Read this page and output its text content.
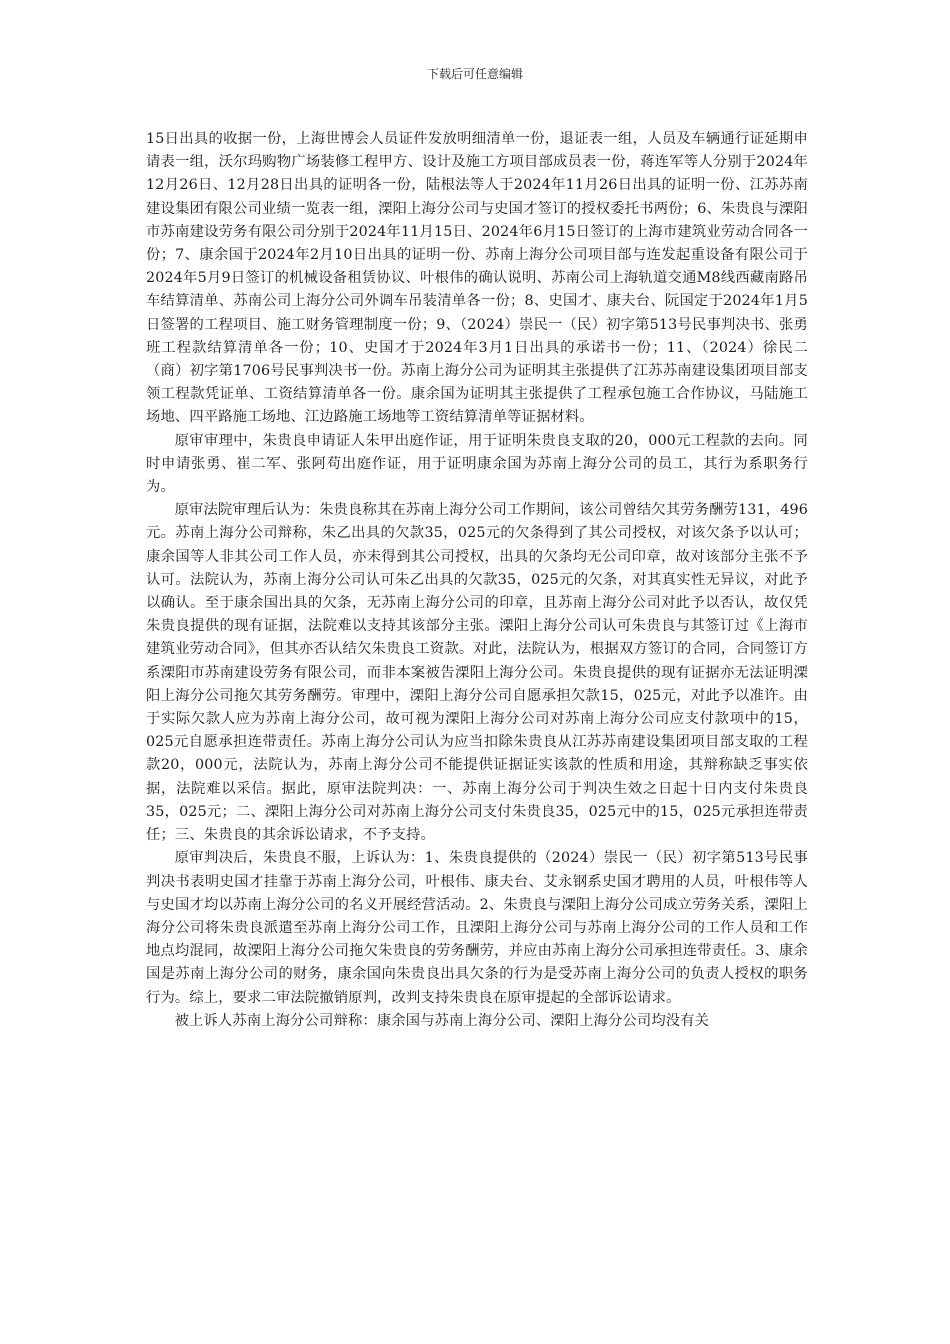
下载后可任意编辑

15日出具的收据一份，上海世博会人员证件发放明细清单一份，退证表一组，人员及车辆通行证延期申请表一组，沃尔玛购物广场装修工程甲方、设计及施工方项目部成员表一份，蒋连军等人分别于2024年12月26日、12月28日出具的证明各一份，陆根法等人于2024年11月26日出具的证明一份、江苏苏南建设集团有限公司业绩一览表一组，溧阳上海分公司与史国才签订的授权委托书两份；6、朱贵良与溧阳市苏南建设劳务有限公司分别于2024年11月15日、2024年6月15日签订的上海市建筑业劳动合同各一份；7、康余国于2024年2月10日出具的证明一份、苏南上海分公司项目部与连发起重设备有限公司于2024年5月9日签订的机械设备租赁协议、叶根伟的确认说明、苏南公司上海轨道交通M8线西藏南路吊车结算清单、苏南公司上海分公司外调车吊装清单各一份；8、史国才、康夫台、阮国定于2024年1月5日签署的工程项目、施工财务管理制度一份；9、（2024）崇民一（民）初字第513号民事判决书、张勇班工程款结算清单各一份；10、史国才于2024年3月1日出具的承诺书一份；11、（2024）徐民二（商）初字第1706号民事判决书一份。苏南上海分公司为证明其主张提供了江苏苏南建设集团项目部支领工程款凭证单、工资结算清单各一份。康余国为证明其主张提供了工程承包施工合作协议，马陆施工场地、四平路施工场地、江边路施工场地等工资结算清单等证据材料。

原审审理中，朱贵良申请证人朱甲出庭作证，用于证明朱贵良支取的20，000元工程款的去向。同时申请张勇、崔二军、张阿苟出庭作证，用于证明康余国为苏南上海分公司的员工，其行为系职务行为。

原审法院审理后认为：朱贵良称其在苏南上海分公司工作期间，该公司曾结欠其劳务酬劳131，496元。苏南上海分公司辩称，朱乙出具的欠款35，025元的欠条得到了其公司授权，对该欠条予以认可；康余国等人非其公司工作人员，亦未得到其公司授权，出具的欠条均无公司印章，故对该部分主张不予认可。法院认为，苏南上海分公司认可朱乙出具的欠款35，025元的欠条，对其真实性无异议，对此予以确认。至于康余国出具的欠条，无苏南上海分公司的印章，且苏南上海分公司对此予以否认，故仅凭朱贵良提供的现有证据，法院难以支持其该部分主张。溧阳上海分公司认可朱贵良与其签订过《上海市建筑业劳动合同》，但其亦否认结欠朱贵良工资款。对此，法院认为，根据双方签订的合同，合同签订方系溧阳市苏南建设劳务有限公司，而非本案被告溧阳上海分公司。朱贵良提供的现有证据亦无法证明溧阳上海分公司拖欠其劳务酬劳。审理中，溧阳上海分公司自愿承担欠款15，025元，对此予以准许。由于实际欠款人应为苏南上海分公司，故可视为溧阳上海分公司对苏南上海分公司应支付款项中的15，025元自愿承担连带责任。苏南上海分公司认为应当扣除朱贵良从江苏苏南建设集团项目部支取的工程款20，000元，法院认为，苏南上海分公司不能提供证据证实该款的性质和用途，其辩称缺乏事实依据，法院难以采信。据此，原审法院判决：一、苏南上海分公司于判决生效之日起十日内支付朱贵良35，025元；二、溧阳上海分公司对苏南上海分公司支付朱贵良35，025元中的15，025元承担连带责任；三、朱贵良的其余诉讼请求，不予支持。

原审判决后，朱贵良不服，上诉认为：1、朱贵良提供的（2024）崇民一（民）初字第513号民事判决书表明史国才挂靠于苏南上海分公司，叶根伟、康夫台、艾永钢系史国才聘用的人员，叶根伟等人与史国才均以苏南上海分公司的名义开展经营活动。2、朱贵良与溧阳上海分公司成立劳务关系，溧阳上海分公司将朱贵良派遣至苏南上海分公司工作，且溧阳上海分公司与苏南上海分公司的工作人员和工作地点均混同，故溧阳上海分公司拖欠朱贵良的劳务酬劳，并应由苏南上海分公司承担连带责任。3、康余国是苏南上海分公司的财务，康余国向朱贵良出具欠条的行为是受苏南上海分公司的负责人授权的职务行为。综上，要求二审法院撤销原判，改判支持朱贵良在原审提起的全部诉讼请求。

被上诉人苏南上海分公司辩称：康余国与苏南上海分公司、溧阳上海分公司均没有关
